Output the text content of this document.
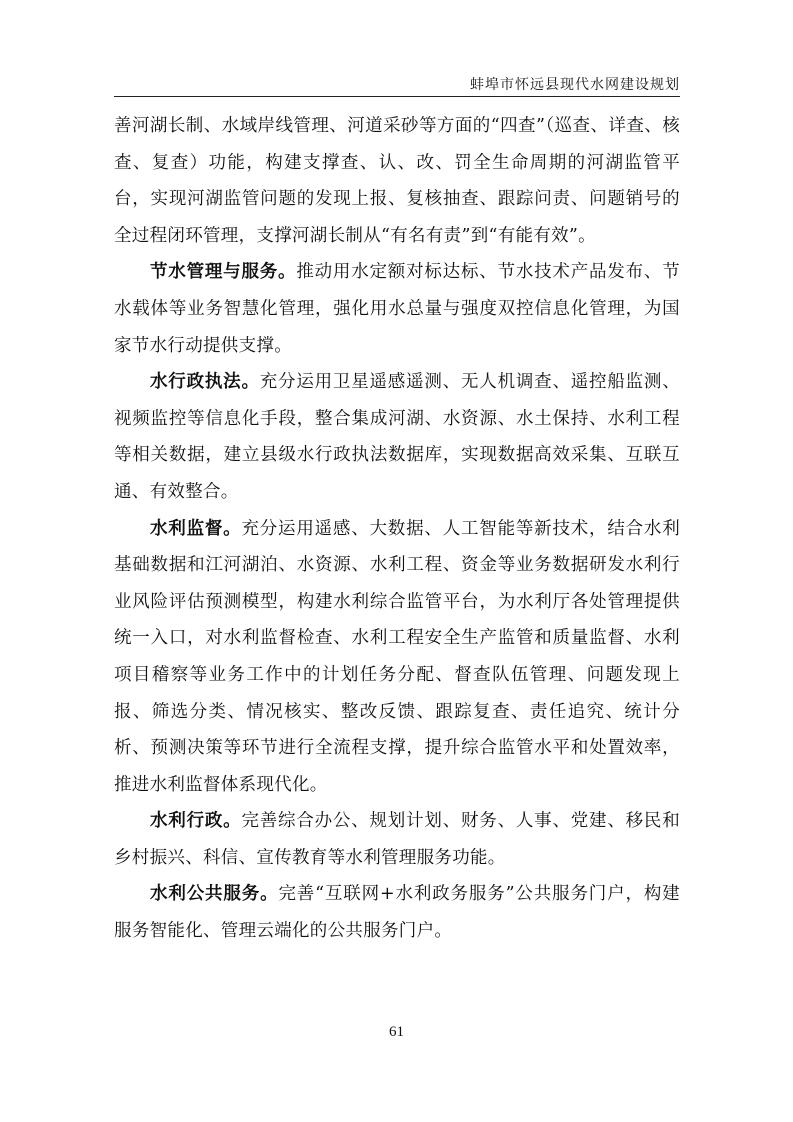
蚌埠市怀远县现代水网建设规划

善河湖长制、水域岸线管理、河道采砂等方面的“四查”（巡查、详查、核查、复查）功能，构建支撑查、认、改、罚全生命周期的河湖监管平台，实现河湖监管问题的发现上报、复核抽查、跟踪问责、问题销号的全过程闭环管理，支撑河湖长制从“有名有责”到“有能有效”。

节水管理与服务。推动用水定额对标达标、节水技术产品发布、节水载体等业务智慧化管理，强化用水总量与强度双控信息化管理，为国家节水行动提供支撑。

水行政执法。充分运用卫星遥感遥测、无人机调查、遥控船监测、视频监控等信息化手段，整合集成河湖、水资源、水土保持、水利工程等相关数据，建立县级水行政执法数据库，实现数据高效采集、互联互通、有效整合。

水利监督。充分运用遥感、大数据、人工智能等新技术，结合水利基础数据和江河湖泊、水资源、水利工程、资金等业务数据研发水利行业风险评估预测模型，构建水利综合监管平台，为水利厅各处管理提供统一入口，对水利监督检查、水利工程安全生产监管和质量监督、水利项目稽察等业务工作中的计划任务分配、督查队伍管理、问题发现上报、筛选分类、情况核实、整改反馈、跟踪复查、责任追究、统计分析、预测决策等环节进行全流程支撑，提升综合监管水平和处置效率，推进水利监督体系现代化。

水利行政。完善综合办公、规划计划、财务、人事、党建、移民和乡村振兴、科信、宣传教育等水利管理服务功能。

水利公共服务。完善“互联网+水利政务服务”公共服务门户，构建服务智能化、管理云端化的公共服务门户。

61
